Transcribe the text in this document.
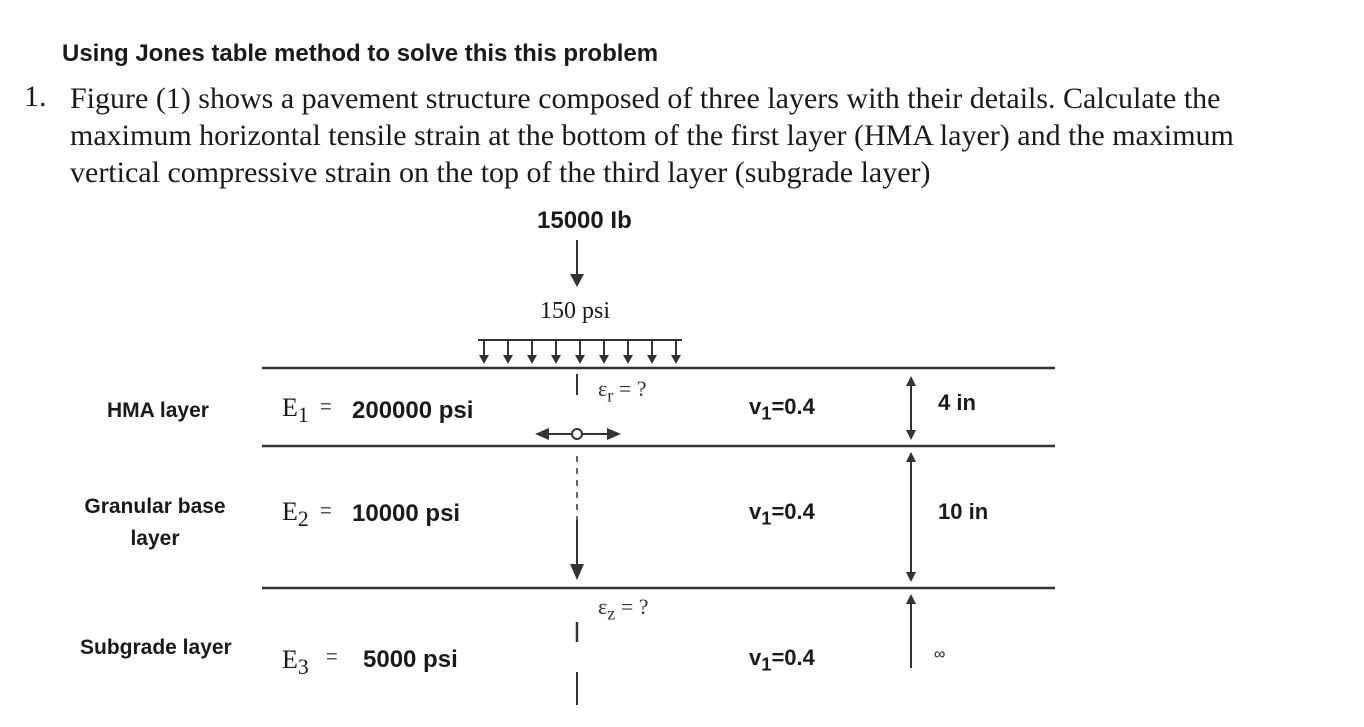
Using Jones table method to solve this this problem
1. Figure (1) shows a pavement structure composed of three layers with their details. Calculate the
maximum horizontal tensile strain at the bottom of the first layer (HMA layer) and the maximum
vertical compressive strain on the top of the third layer (subgrade layer)
15000 Ib
150 psi
$\varepsilon_r$ = ?
$\varepsilon_z$ = ?
HMA layer	$E_1 = 200000$ psi	$v_1=0.4$	4 in
Granular base
layer
$E_2 = 10000$ psi	$v_1=0.4$	10 in
Subgrade layer $E_3 = 5000$ psi	$v_1=0.4$	∞
